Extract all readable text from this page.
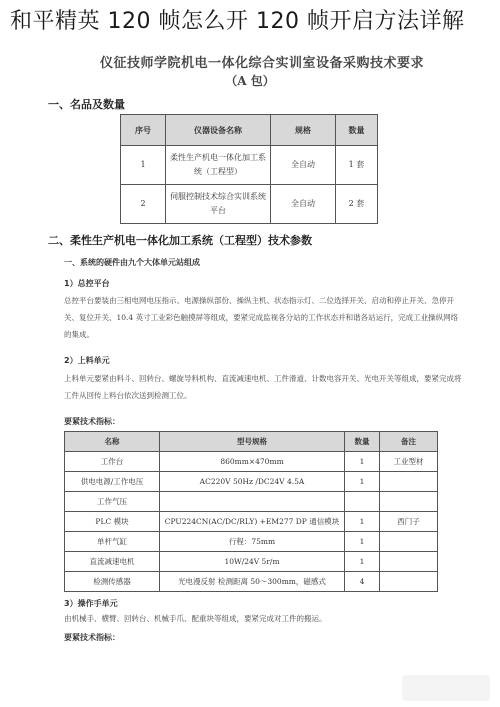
仪征技师学院机电一体化综合实训室设备采购技术要求
（A 包）
一、名品及数量
序号	仪器设备名称	规格	数量
1	柔性生产机电一体化加工系统（工程型）	全自动	1 套
2	伺服控制技术综合实训系统平台	全自动	2 套
二、柔性生产机电一体化加工系统（工程型）技术参数
一、系统的硬件由九个大体单元站组成
1）总控平台
总控平台要装由三相电网电压指示、电源操纵部份、操纵主机、状态指示灯、二位选择开关、启动和停止开关、急停开关、复位开关、10.4 英寸工业彩色触摸屏等组成，要紧完成监视各分站的工作状态并和谐各站运行，完成工业操纵网络的集成。
2）上料单元
上料单元要紧由料斗、回转台、螺旋导料机构、直流减速电机、工件滑道、计数电容开关、光电开关等组成，要紧完成将工件从回传上料台依次送到检测工位。
要紧技术指标：
名称	型号规格	数量	备注
工作台	860mm×470mm	1	工业型材
供电电源/工作电压	AC220V 50Hz /DC24V 4.5A	1	
工作气压			
PLC 模块	CPU224CN(AC/DC/RLY) +EM277 DP 通信模块	1	西门子
单杆气缸	行程：75mm	1	
直流减速电机	10W/24V 5r/m	1	
检测传感器	光电漫反射 检测距离 50～300mm，磁感式	4	
3）操作手单元
由机械手、横臂、回转台、机械手爪、配重块等组成，要紧完成对工件的搬运。
要紧技术指标：
和平精英 120 帧怎么开 120 帧开启方法详解
